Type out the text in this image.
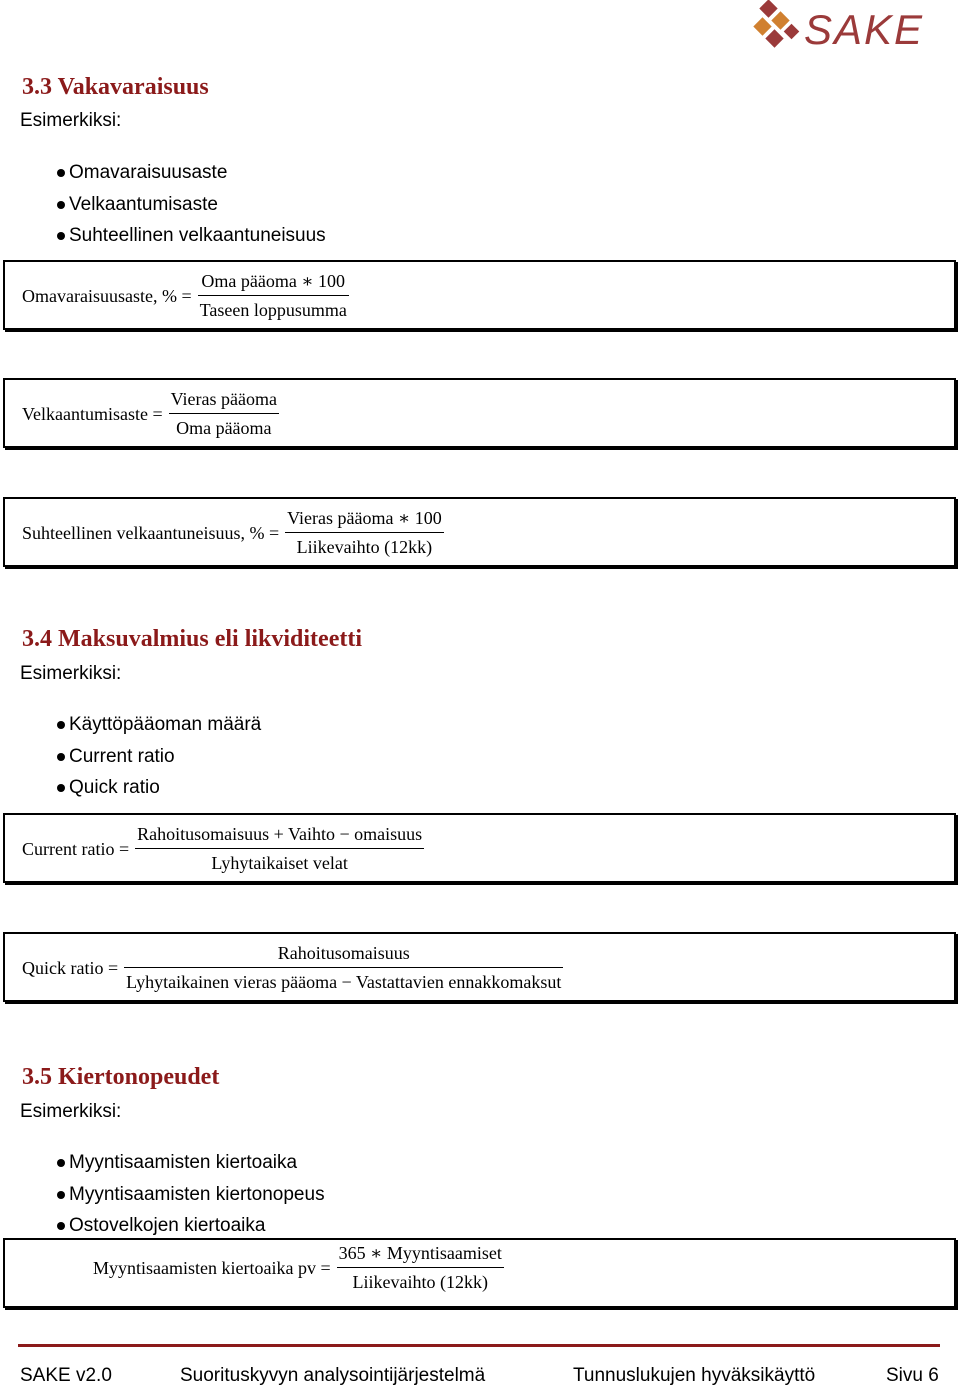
SAKE
3.3 Vakavaraisuus
Esimerkiksi:
Omavaraisuusaste
Velkaantumisaste
Suhteellinen velkaantuneisuus
Omavaraisuusaste, % = $\frac{\text{Oma pääoma ∗ 100}}{\text{Taseen loppusumma}}$
Velkaantumisaste = $\frac{\text{Vieras pääoma}}{\text{Oma pääoma}}$
Suhteellinen velkaantuneisuus, % = $\frac{\text{Vieras pääoma ∗ 100}}{\text{Liikevaihto (12kk)}}$
3.4 Maksuvalmius eli likviditeetti
Esimerkiksi:
Käyttöpääoman määrä
Current ratio
Quick ratio
Current ratio = $\frac{\text{Rahoitusomaisuus + Vaihto − omaisuus}}{\text{Lyhytaikaiset velat}}$
Quick ratio = $\frac{\text{Rahoitusomaisuus}}{\text{Lyhytaikainen vieras pääoma − Vastattavien ennakkomaksut}}$
3.5 Kiertonopeudet
Esimerkiksi:
Myyntisaamisten kiertoaika
Myyntisaamisten kiertonopeus
Ostovelkojen kiertoaika
Myyntisaamisten kiertoaika pv = $\frac{\text{365 ∗ Myyntisaamiset}}{\text{Liikevaihto (12kk)}}$
SAKE v2.0	Suorituskyvyn analysointijärjestelmä	Tunnuslukujen hyväksikäyttö	Sivu 6
